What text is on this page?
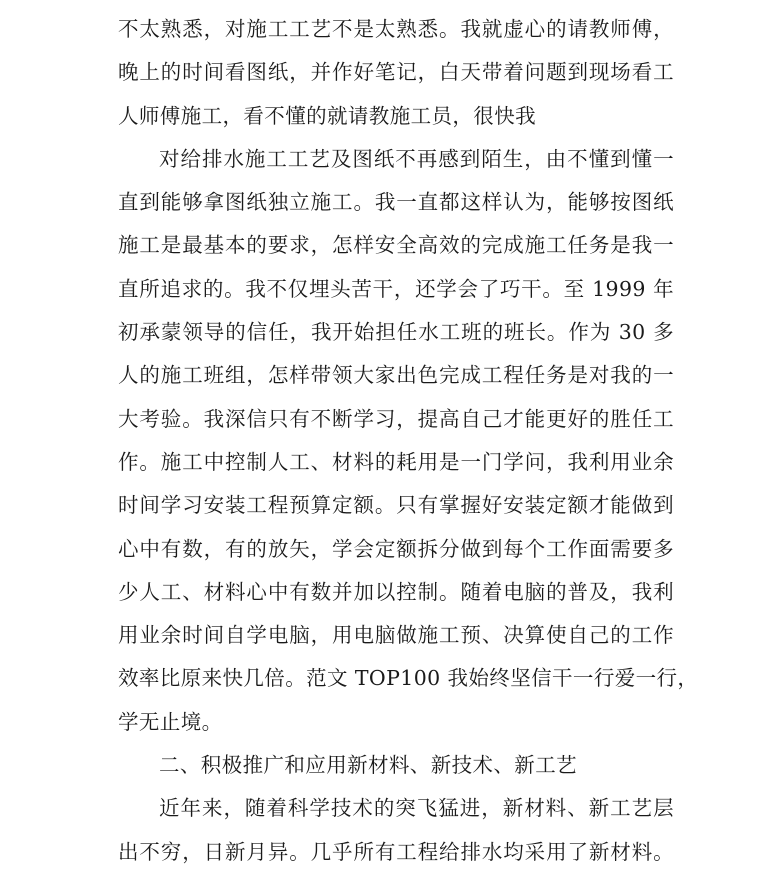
不太熟悉，对施工工艺不是太熟悉。我就虚心的请教师傅，
晚上的时间看图纸，并作好笔记，白天带着问题到现场看工
人师傅施工，看不懂的就请教施工员，很快我
对给排水施工工艺及图纸不再感到陌生，由不懂到懂一
直到能够拿图纸独立施工。我一直都这样认为，能够按图纸
施工是最基本的要求，怎样安全高效的完成施工任务是我一
直所追求的。我不仅埋头苦干，还学会了巧干。至 1999 年
初承蒙领导的信任，我开始担任水工班的班长。作为 30 多
人的施工班组，怎样带领大家出色完成工程任务是对我的一
大考验。我深信只有不断学习，提高自己才能更好的胜任工
作。施工中控制人工、材料的耗用是一门学问，我利用业余
时间学习安装工程预算定额。只有掌握好安装定额才能做到
心中有数，有的放矢，学会定额拆分做到每个工作面需要多
少人工、材料心中有数并加以控制。随着电脑的普及，我利
用业余时间自学电脑，用电脑做施工预、决算使自己的工作
效率比原来快几倍。范文 TOP100 我始终坚信干一行爱一行，
学无止境。
二、积极推广和应用新材料、新技术、新工艺
近年来，随着科学技术的突飞猛进，新材料、新工艺层
出不穷，日新月异。几乎所有工程给排水均采用了新材料。
